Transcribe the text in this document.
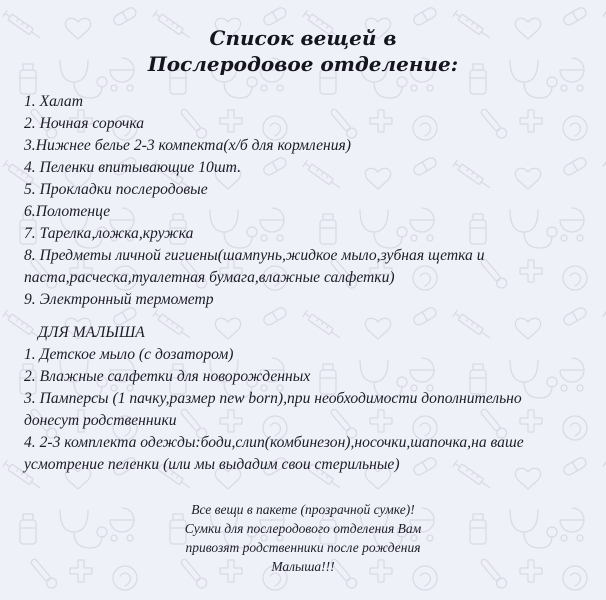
Список вещей в
Послеродовое отделение:
1. Халат
2. Ночная сорочка
3.Нижнее белье 2-3 компекта(х/б для кормления)
4. Пеленки впитывающие 10шт.
5. Прокладки послеродовые
6.Полотенце
7. Тарелка,ложка,кружка
8. Предметы личной гигиены(шампунь,жидкое мыло,зубная щетка и
паста,расческа,туалетная бумага,влажные салфетки)
9. Электронный термометр

ДЛЯ МАЛЫША

1. Детское мыло (с дозатором)
2. Влажные салфетки для новорожденных
3. Памперсы (1 пачку,размер new born),при необходимости дополнительно
донесут родственники
4. 2-3 комплекта одежды:боди,слип(комбинезон),носочки,шапочка,на ваше
усмотрение пеленки (или мы выдадим свои стерильные)

Все вещи в пакете (прозрачной сумке)!
Сумки для послеродового отделения Вам
привозят родственники после рождения
Малыша!!!
